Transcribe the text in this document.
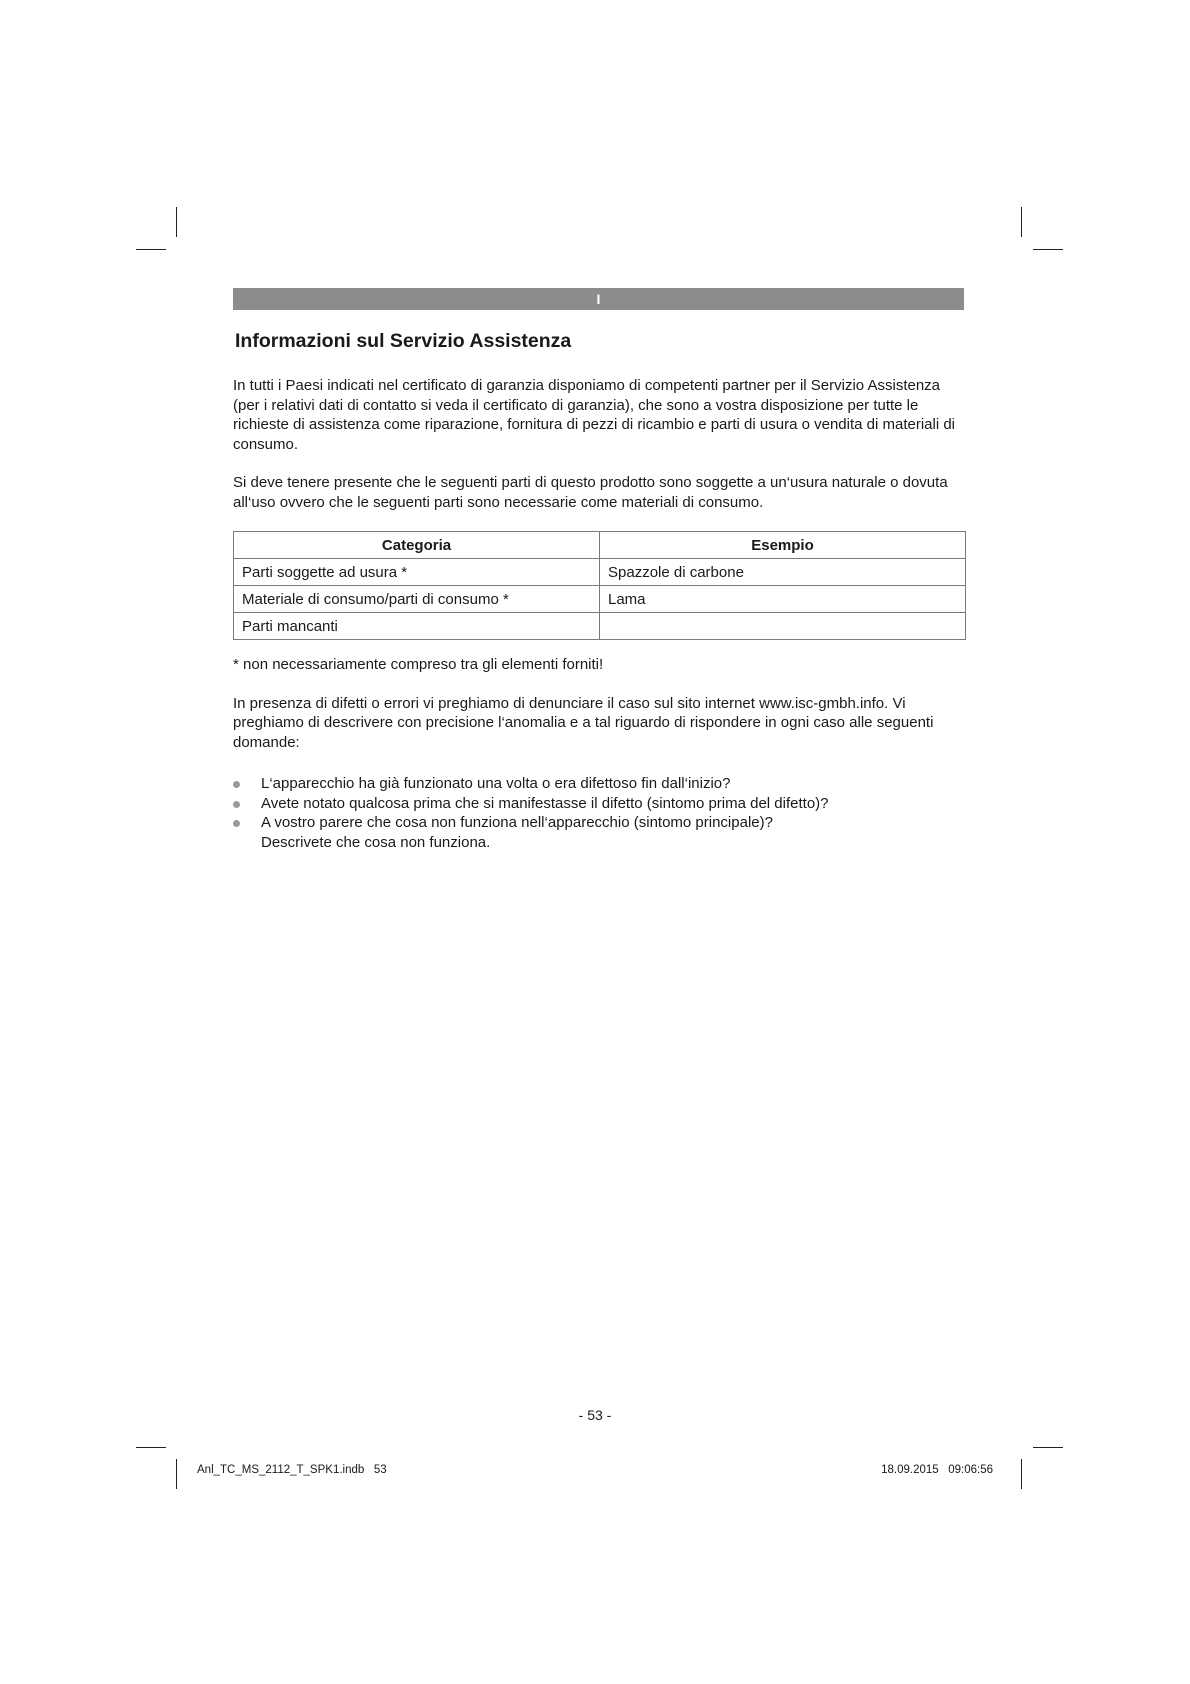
I
Informazioni sul Servizio Assistenza

In tutti i Paesi indicati nel certificato di garanzia disponiamo di competenti partner per il Servizio Assistenza (per i relativi dati di contatto si veda il certificato di garanzia), che sono a vostra disposizione per tutte le richieste di assistenza come riparazione, fornitura di pezzi di ricambio e parti di usura o vendita di materiali di consumo.

Si deve tenere presente che le seguenti parti di questo prodotto sono soggette a un‘usura naturale o dovuta all‘uso ovvero che le seguenti parti sono necessarie come materiali di consumo.

Categoria	Esempio
Parti soggette ad usura *	Spazzole di carbone
Materiale di consumo/parti di consumo *	Lama
Parti mancanti	

* non necessariamente compreso tra gli elementi forniti!

In presenza di difetti o errori vi preghiamo di denunciare il caso sul sito internet www.isc-gmbh.info. Vi preghiamo di descrivere con precisione l‘anomalia e a tal riguardo di rispondere in ogni caso alle seguenti domande:

L‘apparecchio ha già funzionato una volta o era difettoso fin dall‘inizio?
Avete notato qualcosa prima che si manifestasse il difetto (sintomo prima del difetto)?
A vostro parere che cosa non funziona nell‘apparecchio (sintomo principale)?
Descrivete che cosa non funziona.
- 53 -
Anl_TC_MS_2112_T_SPK1.indb   53	18.09.2015   09:06:56
